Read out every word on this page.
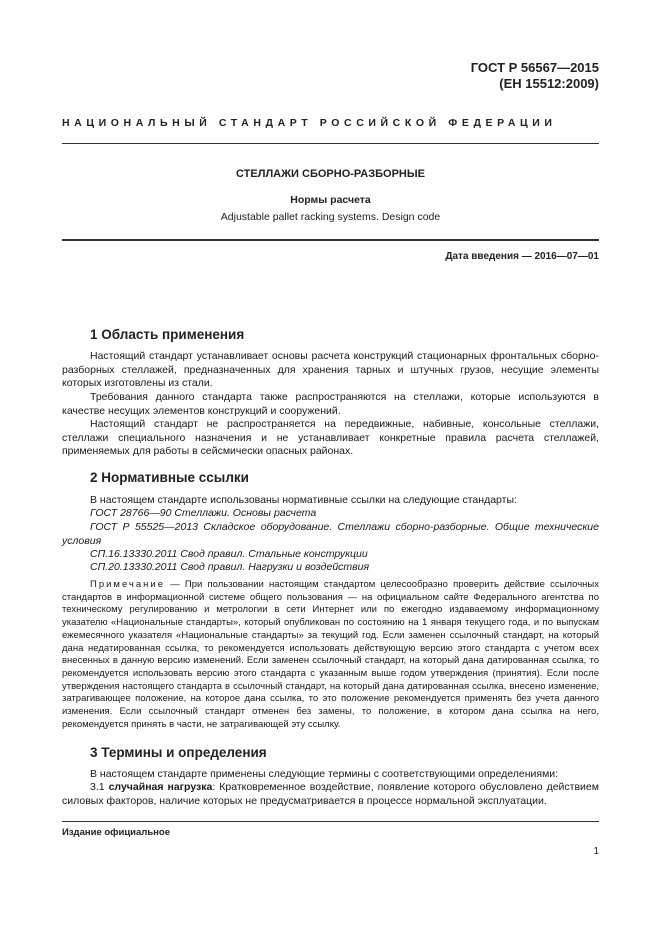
ГОСТ Р 56567—2015
(ЕН 15512:2009)
НАЦИОНАЛЬНЫЙ СТАНДАРТ РОССИЙСКОЙ ФЕДЕРАЦИИ
СТЕЛЛАЖИ СБОРНО-РАЗБОРНЫЕ
Нормы расчета
Adjustable pallet racking systems. Design code
Дата введения — 2016—07—01
1 Область применения

Настоящий стандарт устанавливает основы расчета конструкций стационарных фронтальных сборно-разборных стеллажей, предназначенных для хранения тарных и штучных грузов, несущие элементы которых изготовлены из стали.

Требования данного стандарта также распространяются на стеллажи, которые используются в качестве несущих элементов конструкций и сооружений.

Настоящий стандарт не распространяется на передвижные, набивные, консольные стеллажи, стеллажи специального назначения и не устанавливает конкретные правила расчета стеллажей, применяемых для работы в сейсмически опасных районах.

2 Нормативные ссылки

В настоящем стандарте использованы нормативные ссылки на следующие стандарты:

ГОСТ 28766—90 Стеллажи. Основы расчета

ГОСТ Р 55525—2013 Складское оборудование. Стеллажи сборно-разборные. Общие технические условия

СП.16.13330.2011 Свод правил. Стальные конструкции

СП.20.13330.2011 Свод правил. Нагрузки и воздействия

Примечание — При пользовании настоящим стандартом целесообразно проверить действие ссылочных стандартов в информационной системе общего пользования — на официальном сайте Федерального агентства по техническому регулированию и метрологии в сети Интернет или по ежегодно издаваемому информационному указателю «Национальные стандарты», который опубликован по состоянию на 1 января текущего года, и по выпускам ежемесячного указателя «Национальные стандарты» за текущий год. Если заменен ссылочный стандарт, на который дана недатированная ссылка, то рекомендуется использовать действующую версию этого стандарта с учетом всех внесенных в данную версию изменений. Если заменен ссылочный стандарт, на который дана датированная ссылка, то рекомендуется использовать версию этого стандарта с указанным выше годом утверждения (принятия). Если после утверждения настоящего стандарта в ссылочный стандарт, на который дана датированная ссылка, внесено изменение, затрагивающее положение, на которое дана ссылка, то это положение рекомендуется применять без учета данного изменения. Если ссылочный стандарт отменен без замены, то положение, в котором дана ссылка на него, рекомендуется принять в части, не затрагивающей эту ссылку.

3 Термины и определения

В настоящем стандарте применены следующие термины с соответствующими определениями:

3.1 случайная нагрузка: Кратковременное воздействие, появление которого обусловлено действием силовых факторов, наличие которых не предусматривается в процессе нормальной эксплуатации.

Издание официальное
1
